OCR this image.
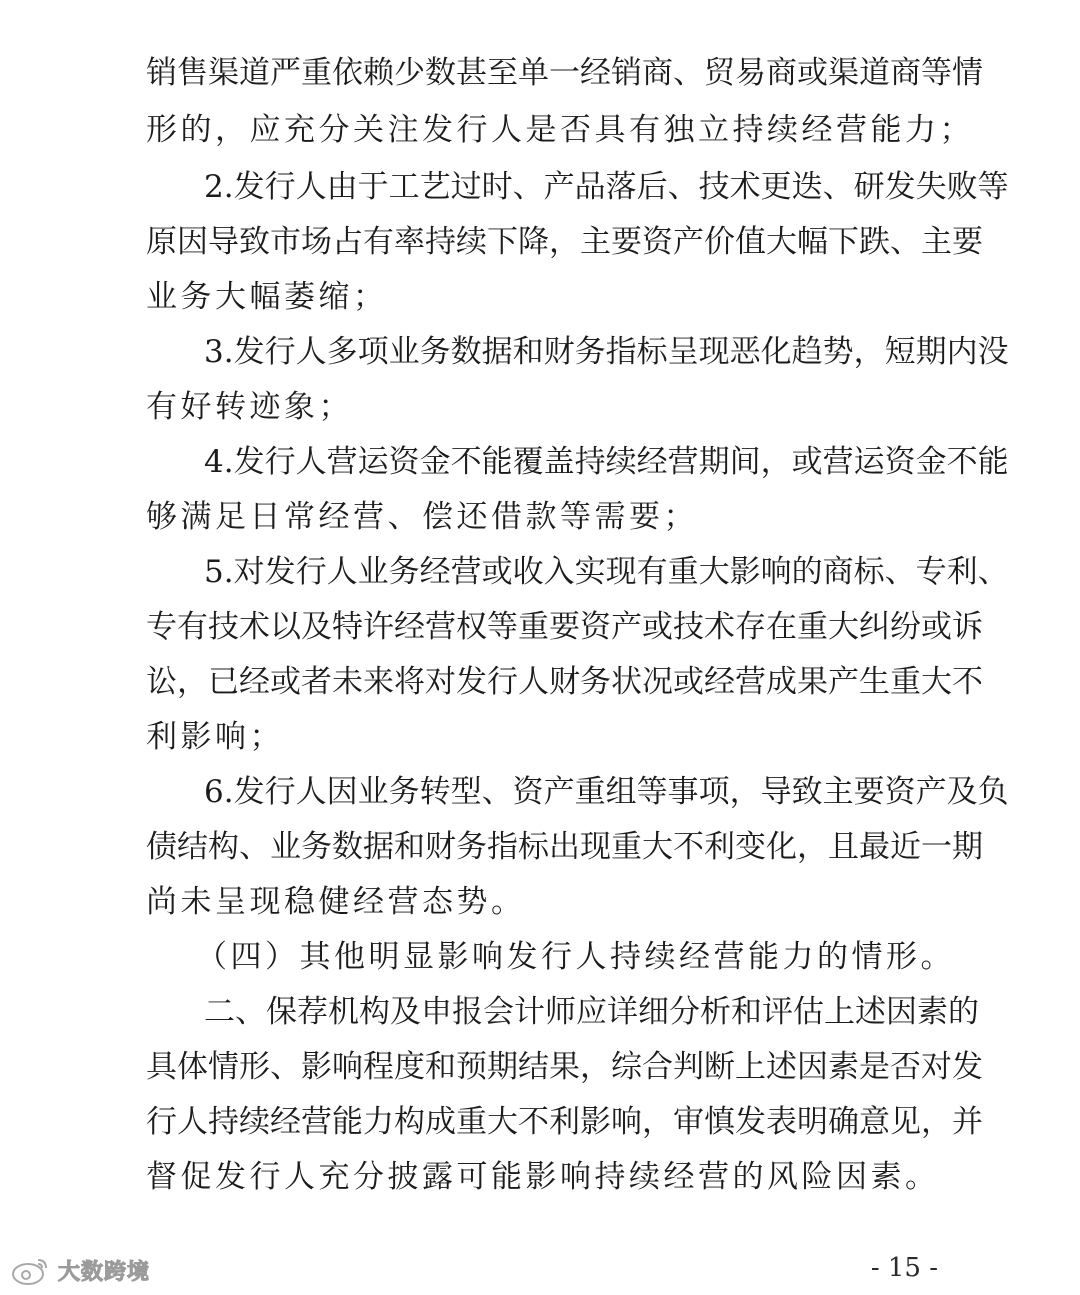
销售渠道严重依赖少数甚至单一经销商、贸易商或渠道商等情
形的，应充分关注发行人是否具有独立持续经营能力；
2.发行人由于工艺过时、产品落后、技术更迭、研发失败等
原因导致市场占有率持续下降，主要资产价值大幅下跌、主要
业务大幅萎缩；
3.发行人多项业务数据和财务指标呈现恶化趋势，短期内没
有好转迹象；
4.发行人营运资金不能覆盖持续经营期间，或营运资金不能
够满足日常经营、偿还借款等需要；
5.对发行人业务经营或收入实现有重大影响的商标、专利、
专有技术以及特许经营权等重要资产或技术存在重大纠纷或诉
讼，已经或者未来将对发行人财务状况或经营成果产生重大不
利影响；
6.发行人因业务转型、资产重组等事项，导致主要资产及负
债结构、业务数据和财务指标出现重大不利变化，且最近一期
尚未呈现稳健经营态势。
（四）其他明显影响发行人持续经营能力的情形。
二、保荐机构及申报会计师应详细分析和评估上述因素的
具体情形、影响程度和预期结果，综合判断上述因素是否对发
行人持续经营能力构成重大不利影响，审慎发表明确意见，并
督促发行人充分披露可能影响持续经营的风险因素。
大数跨境	- 15 -
